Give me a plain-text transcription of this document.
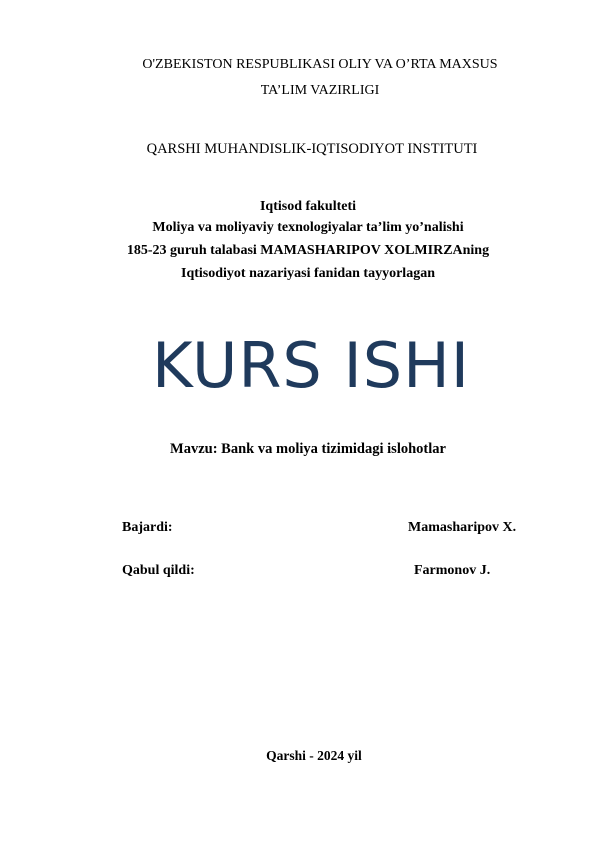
O'ZBEKISTON RESPUBLIKASI OLIY VA O’RTA MAXSUS
TA’LIM VAZIRLIGI
QARSHI MUHANDISLIK-IQTISODIYOT INSTITUTI
Iqtisod fakulteti
Moliya va moliyaviy texnologiyalar ta’lim yo’nalishi
185-23 guruh talabasi MAMASHARIPOV XOLMIRZAning
Iqtisodiyot nazariyasi fanidan tayyorlagan
KURS ISHI
Mavzu: Bank va moliya tizimidagi islohotlar
Bajardi:	Mamasharipov X.
Qabul qildi:	Farmonov J.
Qarshi - 2024 yil
